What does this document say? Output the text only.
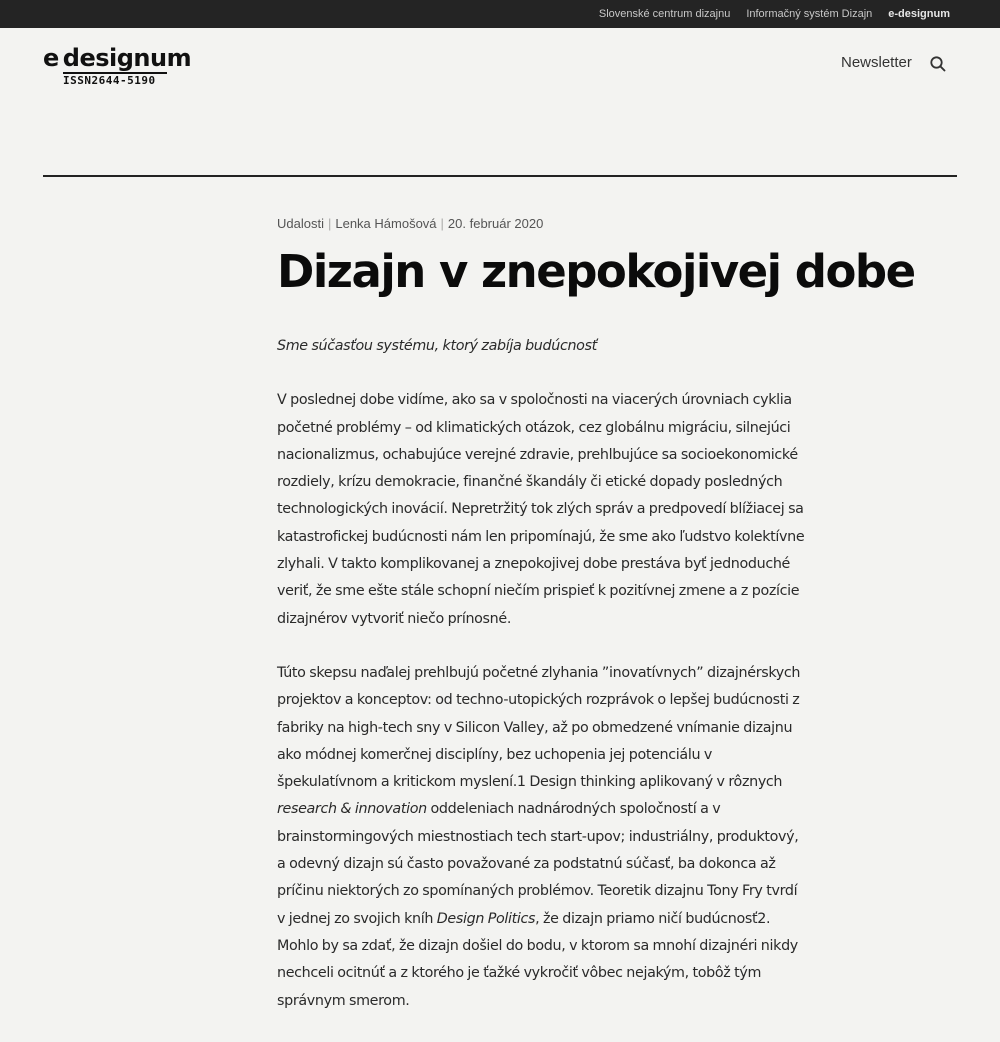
Slovenské centrum dizajnu Informačný systém Dizajn e-designum
e designum
ISSN2644-5190
Newsletter
Udalosti | Lenka Hámošová | 20. február 2020
Dizajn v znepokojivej dobe

Sme súčasťou systému, ktorý zabíja budúcnosť

V poslednej dobe vidíme, ako sa v spoločnosti na viacerých úrovniach cyklia početné problémy – od klimatických otázok, cez globálnu migráciu, silnejúci nacionalizmus, ochabujúce verejné zdravie, prehlbujúce sa socioekonomické rozdiely, krízu demokracie, finančné škandály či etické dopady posledných technologických inovácií. Nepretržitý tok zlých správ a predpovedí blížiacej sa katastrofickej budúcnosti nám len pripomínajú, že sme ako ľudstvo kolektívne zlyhali. V takto komplikovanej a znepokojivej dobe prestáva byť jednoduché veriť, že sme ešte stále schopní niečím prispieť k pozitívnej zmene a z pozície dizajnérov vytvoriť niečo prínosné.

Túto skepsu naďalej prehlbujú početné zlyhania ”inovatívnych” dizajnérskych projektov a konceptov: od techno-utopických rozprávok o lepšej budúcnosti z fabriky na high-tech sny v Silicon Valley, až po obmedzené vnímanie dizajnu ako módnej komerčnej disciplíny, bez uchopenia jej potenciálu v špekulatívnom a kritickom myslení.1 Design thinking aplikovaný v rôznych research & innovation oddeleniach nadnárodných spoločností a v brainstormingových miestnostiach tech start-upov; industriálny, produktový, a odevný dizajn sú často považované za podstatnú súčasť, ba dokonca až príčinu niektorých zo spomínaných problémov. Teoretik dizajnu Tony Fry tvrdí v jednej zo svojich kníh Design Politics, že dizajn priamo ničí budúcnosť2. Mohlo by sa zdať, že dizajn došiel do bodu, v ktorom sa mnohí dizajnéri nikdy nechceli ocitnúť a z ktorého je ťažké vykročiť vôbec nejakým, tobôž tým správnym smerom.
